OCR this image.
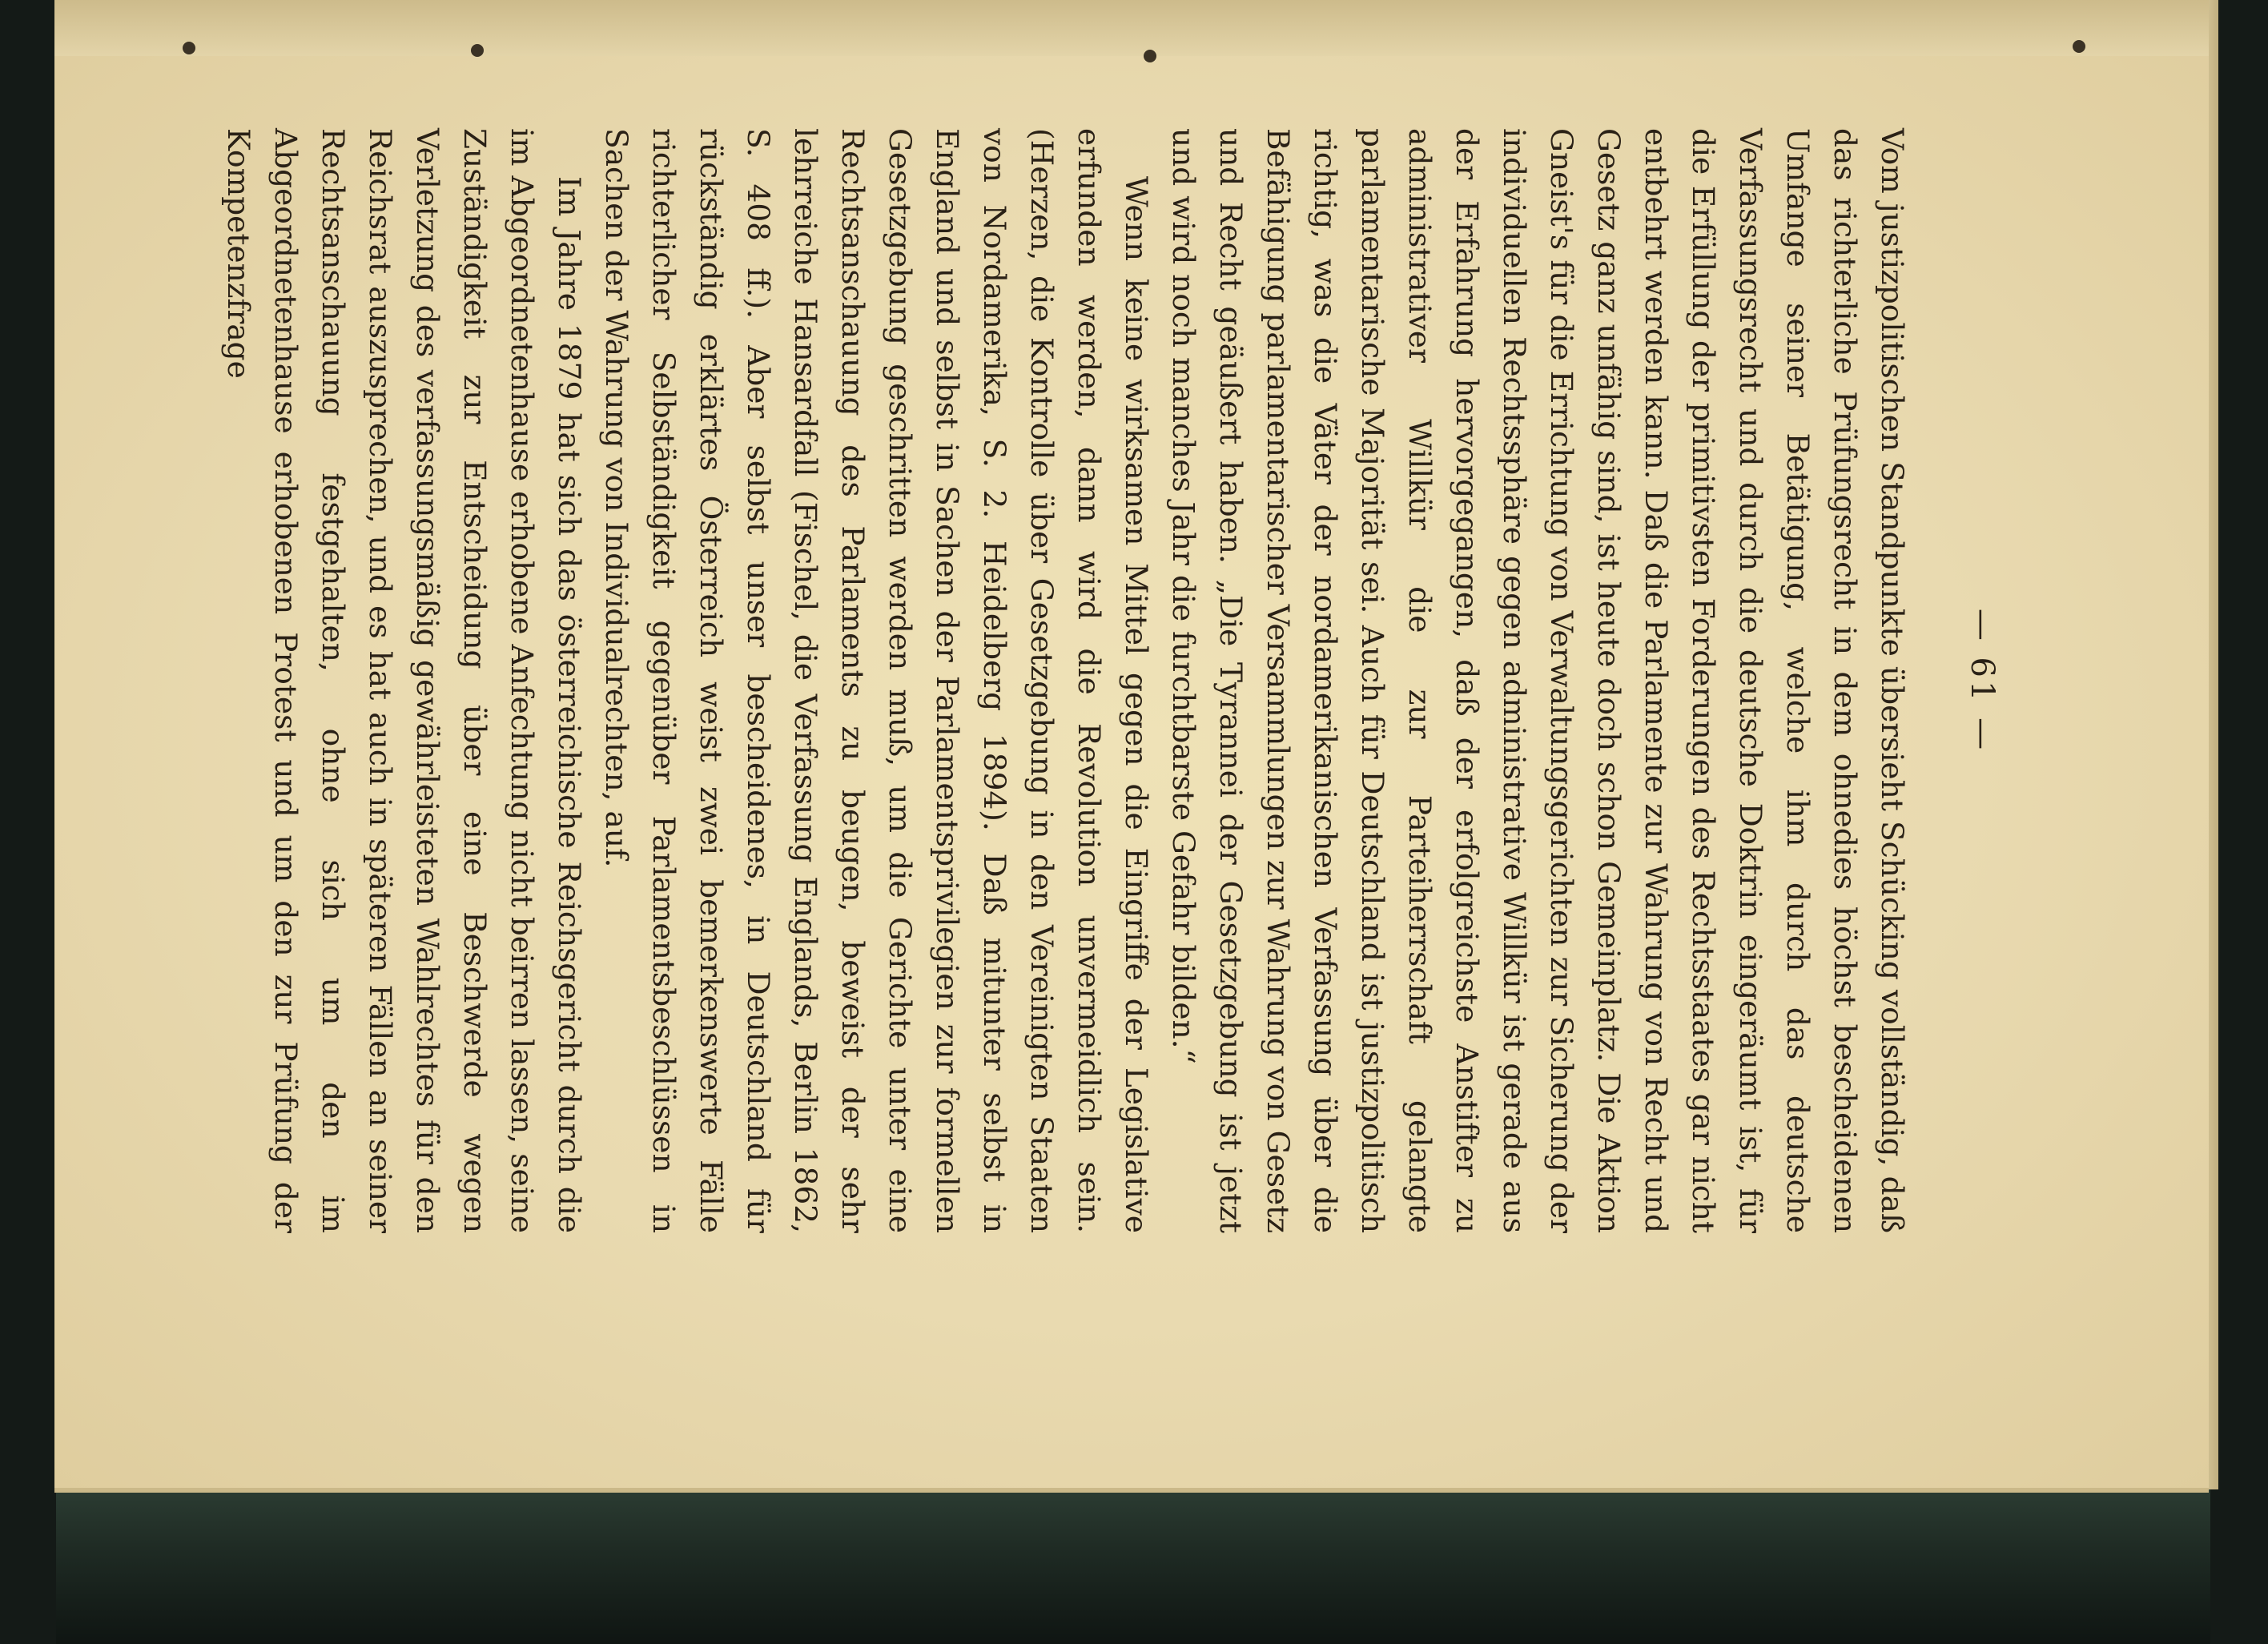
— 61 —

Vom justizpolitischen Standpunkte übersieht Schücking vollständig, daß das richterliche Prüfungsrecht in dem ohnedies höchst bescheidenen Umfange seiner Betätigung, welche ihm durch das deutsche Verfassungsrecht und durch die deutsche Doktrin eingeräumt ist, für die Erfüllung der primitivsten Forderungen des Rechtsstaates gar nicht entbehrt werden kann. Daß die Parlamente zur Wahrung von Recht und Gesetz ganz unfähig sind, ist heute doch schon Gemeinplatz. Die Aktion Gneist's für die Errichtung von Verwaltungsgerichten zur Sicherung der individuellen Rechtssphäre gegen administrative Willkür ist gerade aus der Erfahrung hervorgegangen, daß der erfolgreichste Anstifter zu administrativer Willkür die zur Parteiherrschaft gelangte parlamentarische Majorität sei. Auch für Deutschland ist justizpolitisch richtig, was die Väter der nordamerikanischen Verfassung über die Befähigung parlamentarischer Versammlungen zur Wahrung von Gesetz und Recht geäußert haben. „Die Tyrannei der Gesetzgebung ist jetzt und wird noch manches Jahr die furchtbarste Gefahr bilden.“

Wenn keine wirksamen Mittel gegen die Eingriffe der Legislative erfunden werden, dann wird die Revolution unvermeidlich sein. (Herzen, die Kontrolle über Gesetzgebung in den Vereinigten Staaten von Nordamerika, S. 2. Heidelberg 1894). Daß mitunter selbst in England und selbst in Sachen der Parlamentsprivilegien zur formellen Gesetzgebung geschritten werden muß, um die Gerichte unter eine Rechtsanschauung des Parlaments zu beugen, beweist der sehr lehrreiche Hansardfall (Fischel, die Verfassung Englands, Berlin 1862, S. 408 ff.). Aber selbst unser bescheidenes, in Deutschland für rückständig erklärtes Österreich weist zwei bemerkenswerte Fälle richterlicher Selbständigkeit gegenüber Parlamentsbeschlüssen in Sachen der Wahrung von Individualrechten, auf.

Im Jahre 1879 hat sich das österreichische Reichsgericht durch die im Abgeordnetenhause erhobene Anfechtung nicht beirren lassen, seine Zuständigkeit zur Entscheidung über eine Beschwerde wegen Verletzung des verfassungsmäßig gewährleisteten Wahlrechtes für den Reichsrat auszusprechen, und es hat auch in späteren Fällen an seiner Rechtsanschauung festgehalten, ohne sich um den im Abgeordnetenhause erhobenen Protest und um den zur Prüfung der Kompetenzfrage
